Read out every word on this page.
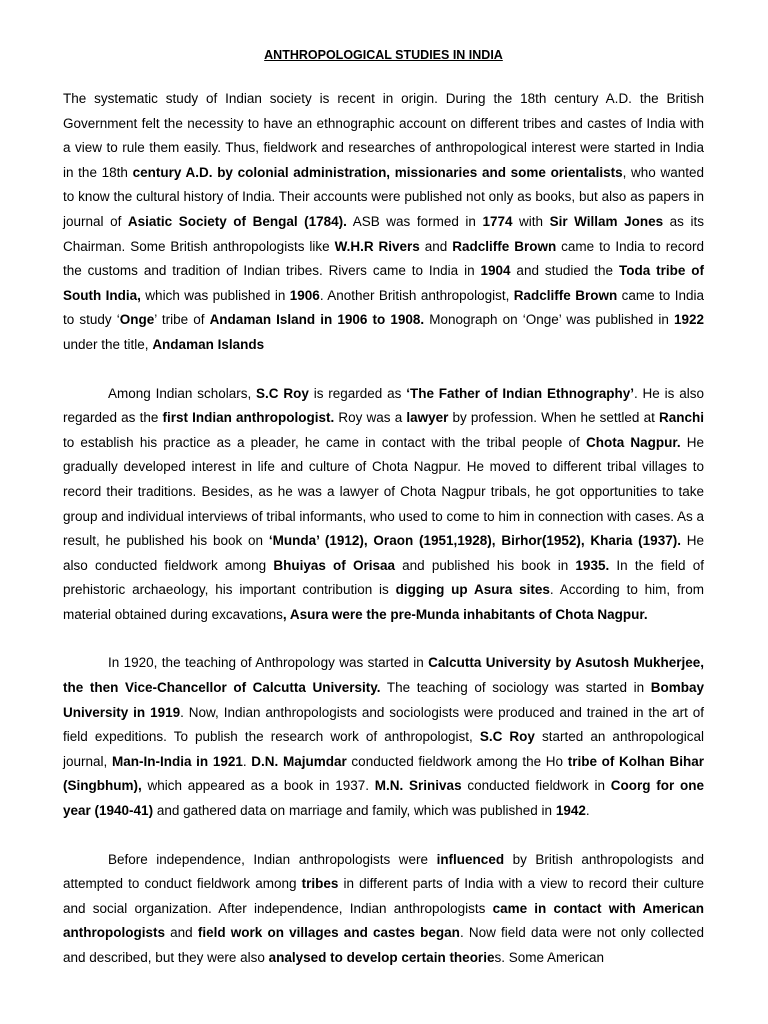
ANTHROPOLOGICAL STUDIES IN INDIA

The systematic study of Indian society is recent in origin. During the 18th century A.D. the British Government felt the necessity to have an ethnographic account on different tribes and castes of India with a view to rule them easily. Thus, fieldwork and researches of anthropological interest were started in India in the 18th century A.D. by colonial administration, missionaries and some orientalists, who wanted to know the cultural history of India. Their accounts were published not only as books, but also as papers in journal of Asiatic Society of Bengal (1784). ASB was formed in 1774 with Sir Willam Jones as its Chairman. Some British anthropologists like W.H.R Rivers and Radcliffe Brown came to India to record the customs and tradition of Indian tribes. Rivers came to India in 1904 and studied the Toda tribe of South India, which was published in 1906. Another British anthropologist, Radcliffe Brown came to India to study ‘Onge’ tribe of Andaman Island in 1906 to 1908. Monograph on ‘Onge’ was published in 1922 under the title, Andaman Islands

Among Indian scholars, S.C Roy is regarded as ‘The Father of Indian Ethnography’. He is also regarded as the first Indian anthropologist. Roy was a lawyer by profession. When he settled at Ranchi to establish his practice as a pleader, he came in contact with the tribal people of Chota Nagpur. He gradually developed interest in life and culture of Chota Nagpur. He moved to different tribal villages to record their traditions. Besides, as he was a lawyer of Chota Nagpur tribals, he got opportunities to take group and individual interviews of tribal informants, who used to come to him in connection with cases. As a result, he published his book on ‘Munda’ (1912), Oraon (1951,1928), Birhor(1952), Kharia (1937). He also conducted fieldwork among Bhuiyas of Orisaa and published his book in 1935. In the field of prehistoric archaeology, his important contribution is digging up Asura sites. According to him, from material obtained during excavations, Asura were the pre-Munda inhabitants of Chota Nagpur.

In 1920, the teaching of Anthropology was started in Calcutta University by Asutosh Mukherjee, the then Vice-Chancellor of Calcutta University. The teaching of sociology was started in Bombay University in 1919. Now, Indian anthropologists and sociologists were produced and trained in the art of field expeditions. To publish the research work of anthropologist, S.C Roy started an anthropological journal, Man-In-India in 1921. D.N. Majumdar conducted fieldwork among the Ho tribe of Kolhan Bihar (Singbhum), which appeared as a book in 1937. M.N. Srinivas conducted fieldwork in Coorg for one year (1940-41) and gathered data on marriage and family, which was published in 1942.

Before independence, Indian anthropologists were influenced by British anthropologists and attempted to conduct fieldwork among tribes in different parts of India with a view to record their culture and social organization. After independence, Indian anthropologists came in contact with American anthropologists and field work on villages and castes began. Now field data were not only collected and described, but they were also analysed to develop certain theories. Some American
